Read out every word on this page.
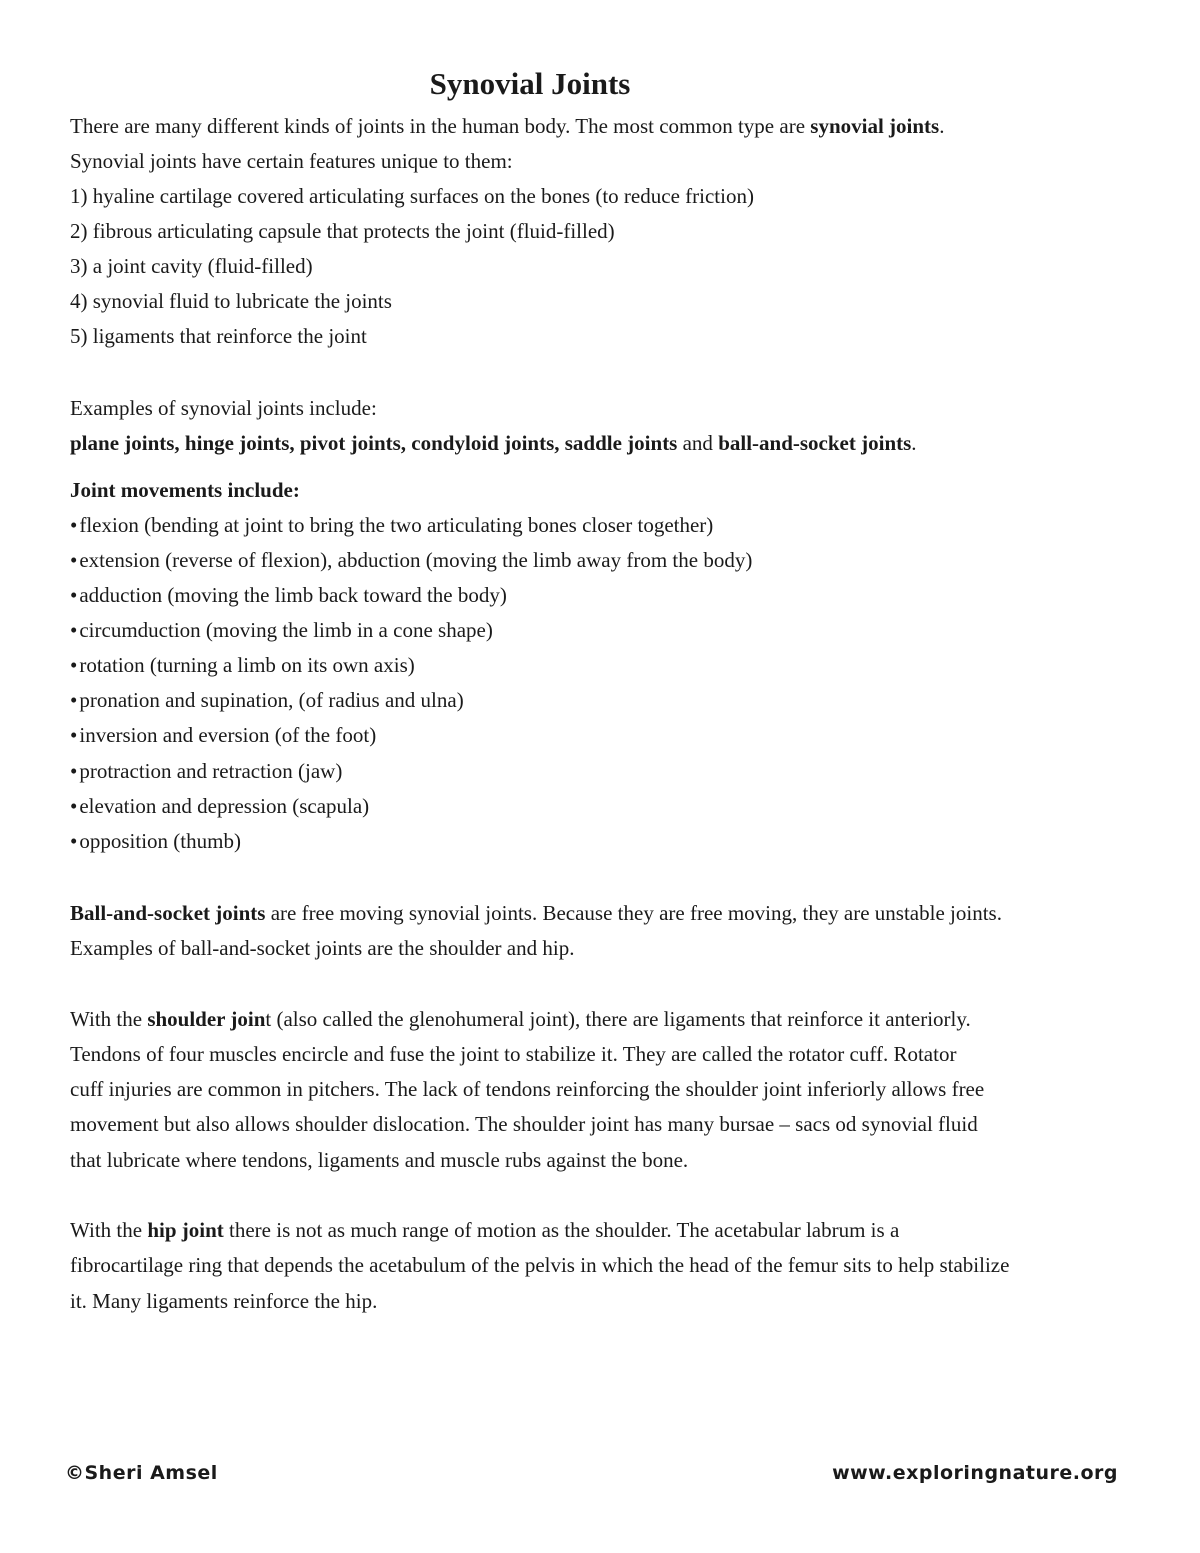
Synovial Joints

There are many different kinds of joints in the human body. The most common type are synovial joints.

Synovial joints have certain features unique to them:

1) hyaline cartilage covered articulating surfaces on the bones (to reduce friction)

2) fibrous articulating capsule that protects the joint (fluid-filled)

3) a joint cavity (fluid-filled)

4) synovial fluid to lubricate the joints

5) ligaments that reinforce the joint

Examples of synovial joints include:

plane joints, hinge joints, pivot joints, condyloid joints, saddle joints and ball-and-socket joints.

Joint movements include:

•flexion (bending at joint to bring the two articulating bones closer together)

•extension (reverse of flexion), abduction (moving the limb away from the body)

•adduction (moving the limb back toward the body)

•circumduction (moving the limb in a cone shape)

•rotation (turning a limb on its own axis)

•pronation and supination, (of radius and ulna)

•inversion and eversion (of the foot)

•protraction and retraction (jaw)

•elevation and depression (scapula)

•opposition (thumb)

Ball-and-socket joints are free moving synovial joints. Because they are free moving, they are unstable joints.

Examples of ball-and-socket joints are the shoulder and hip.

With the shoulder joint (also called the glenohumeral joint), there are ligaments that reinforce it anteriorly.

Tendons of four muscles encircle and fuse the joint to stabilize it. They are called the rotator cuff. Rotator

cuff injuries are common in pitchers. The lack of tendons reinforcing the shoulder joint inferiorly allows free

movement but also allows shoulder dislocation. The shoulder joint has many bursae – sacs od synovial fluid

that lubricate where tendons, ligaments and muscle rubs against the bone.

With the hip joint there is not as much range of motion as the shoulder. The acetabular labrum is a

fibrocartilage ring that depends the acetabulum of the pelvis in which the head of the femur sits to help stabilize

it. Many ligaments reinforce the hip.

©Sheri Amsel	www.exploringnature.org
